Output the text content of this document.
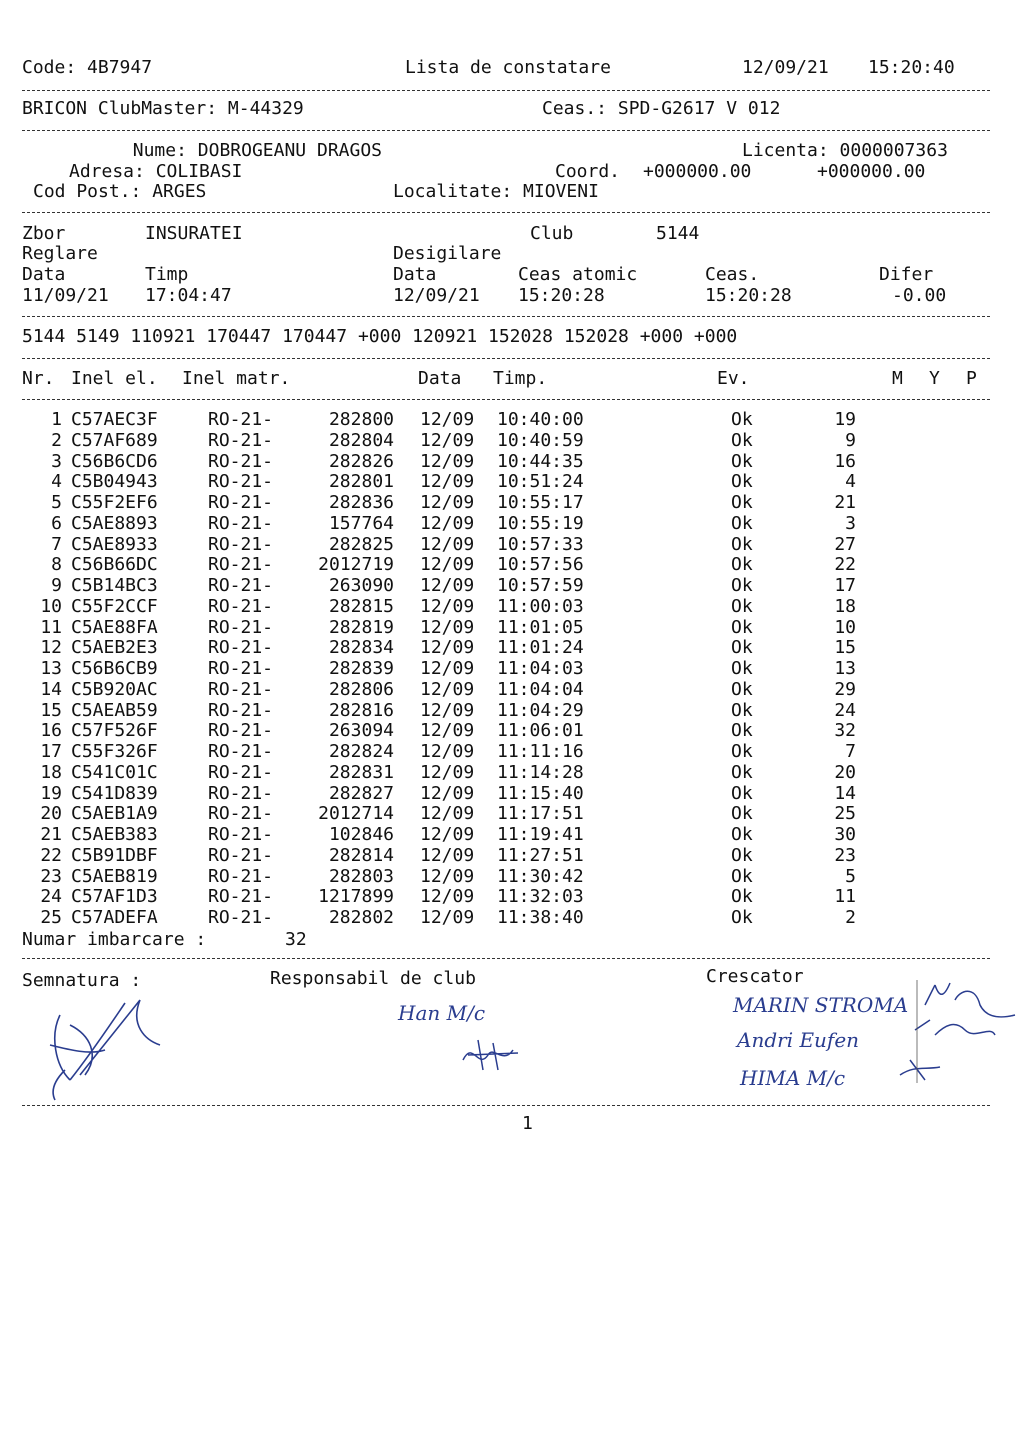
Code: 4B7947	Lista de constatare	12/09/21 15:20:40
BRICON ClubMaster: M-44329	Ceas.: SPD-G2617 V 012
Nume: DOBROGEANU DRAGOS	Licenta: 0000007363
Adresa: COLIBASI	Coord. +000000.00	+000000.00
Cod Post.: ARGES	Localitate: MIOVENI
Zbor	INSURATEI	Club	5144
Reglare	Desigilare
Data	Timp	Data	Ceas atomic	Ceas.	Difer
11/09/21 17:04:47	12/09/21 15:20:28	15:20:28	-0.00
5144 5149 110921 170447 170447 +000 120921 152028 152028 +000 +000
Nr. Inel el. Inel matr.	Data Timp.	Ev.	M Y P
1 C57AEC3F	RO-21-	282800 12/09	10:40:00	Ok	19
2 C57AF689	RO-21-	282804 12/09	10:40:59	Ok	9
3 C56B6CD6	RO-21-	282826 12/09	10:44:35	Ok	16
4 C5B04943	RO-21-	282801 12/09	10:51:24	Ok	4
5 C55F2EF6	RO-21-	282836 12/09	10:55:17	Ok	21
6 C5AE8893	RO-21-	157764 12/09	10:55:19	Ok	3
7 C5AE8933	RO-21-	282825 12/09	10:57:33	Ok	27
8 C56B66DC	RO-21-	2012719 12/09	10:57:56	Ok	22
9 C5B14BC3	RO-21-	263090 12/09	10:57:59	Ok	17
10 C55F2CCF	RO-21-	282815 12/09	11:00:03	Ok	18
11 C5AE88FA	RO-21-	282819 12/09	11:01:05	Ok	10
12 C5AEB2E3	RO-21-	282834 12/09	11:01:24	Ok	15
13 C56B6CB9	RO-21-	282839 12/09	11:04:03	Ok	13
14 C5B920AC	RO-21-	282806 12/09	11:04:04	Ok	29
15 C5AEAB59	RO-21-	282816 12/09	11:04:29	Ok	24
16 C57F526F	RO-21-	263094 12/09	11:06:01	Ok	32
17 C55F326F	RO-21-	282824 12/09	11:11:16	Ok	7
18 C541C01C	RO-21-	282831 12/09	11:14:28	Ok	20
19 C541D839	RO-21-	282827 12/09	11:15:40	Ok	14
20 C5AEB1A9	RO-21-	2012714 12/09	11:17:51	Ok	25
21 C5AEB383	RO-21-	102846 12/09	11:19:41	Ok	30
22 C5B91DBF	RO-21-	282814 12/09	11:27:51	Ok	23
23 C5AEB819	RO-21-	282803 12/09	11:30:42	Ok	5
24 C57AF1D3	RO-21-	1217899 12/09	11:32:03	Ok	11
25 C57ADEFA	RO-21-	282802 12/09	11:38:40	Ok	2
Numar imbarcare :	32
Semnatura :	Responsabil de club	Crescator
Han M/c	MARIN STROMA
Andri Eufen
HIMA M/c
1
